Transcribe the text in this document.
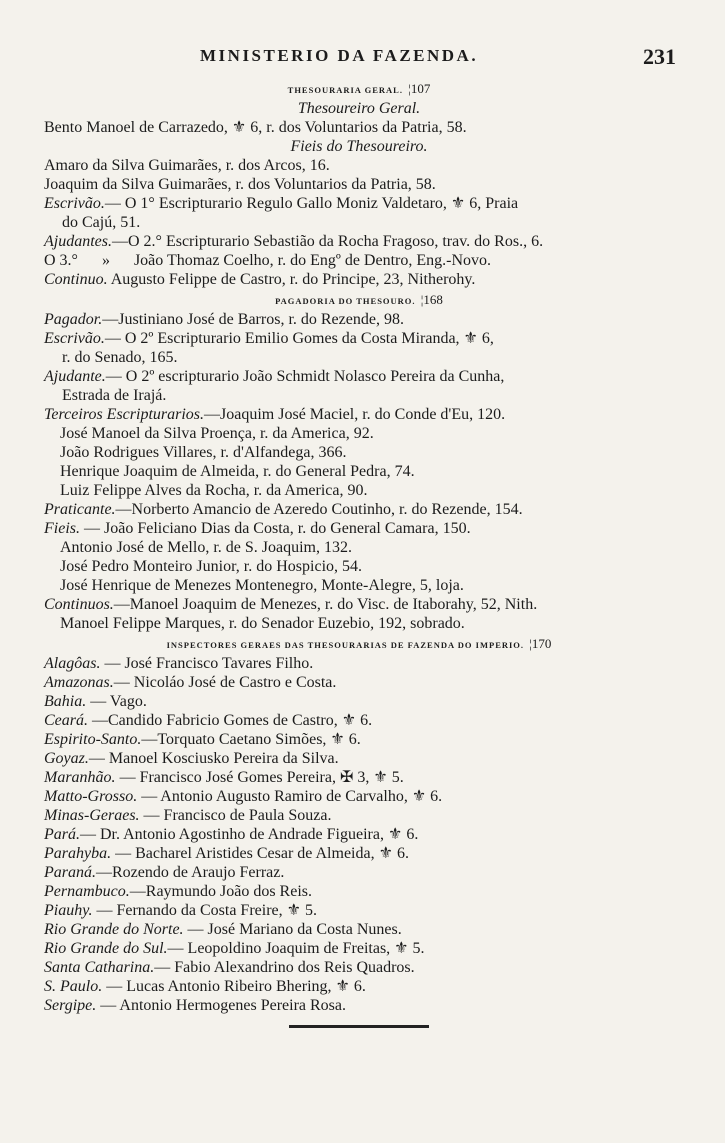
MINISTERIO DA FAZENDA.	231
THESOURARIA GERAL. ¦107
Thesoureiro Geral.
Bento Manoel de Carrazedo, ⚜ 6, r. dos Voluntarios da Patria, 58.
Fieis do Thesoureiro.
Amaro da Silva Guimarães, r. dos Arcos, 16.
Joaquim da Silva Guimarães, r. dos Voluntarios da Patria, 58.
Escrivão.— O 1° Escripturario Regulo Gallo Moniz Valdetaro, ⚜ 6, Praia
do Cajú, 51.
Ajudantes.—O 2.° Escripturario Sebastião da Rocha Fragoso, trav. do Ros., 6.
O 3.° » João Thomaz Coelho, r. do Engº de Dentro, Eng.-Novo.
Continuo. Augusto Felippe de Castro, r. do Principe, 23, Nitherohy.
PAGADORIA DO THESOURO. ¦168
Pagador.—Justiniano José de Barros, r. do Rezende, 98.
Escrivão.— O 2º Escripturario Emilio Gomes da Costa Miranda, ⚜ 6,
r. do Senado, 165.
Ajudante.— O 2º escripturario João Schmidt Nolasco Pereira da Cunha,
Estrada de Irajá.
Terceiros Escripturarios.—Joaquim José Maciel, r. do Conde d'Eu, 120.
José Manoel da Silva Proença, r. da America, 92.
João Rodrigues Villares, r. d'Alfandega, 366.
Henrique Joaquim de Almeida, r. do General Pedra, 74.
Luiz Felippe Alves da Rocha, r. da America, 90.
Praticante.—Norberto Amancio de Azeredo Coutinho, r. do Rezende, 154.
Fieis. — João Feliciano Dias da Costa, r. do General Camara, 150.
Antonio José de Mello, r. de S. Joaquim, 132.
José Pedro Monteiro Junior, r. do Hospicio, 54.
José Henrique de Menezes Montenegro, Monte-Alegre, 5, loja.
Continuos.—Manoel Joaquim de Menezes, r. do Visc. de Itaborahy, 52, Nith.
Manoel Felippe Marques, r. do Senador Euzebio, 192, sobrado.
INSPECTORES GERAES DAS THESOURARIAS DE FAZENDA DO IMPERIO. ¦170
Alagôas. — José Francisco Tavares Filho.
Amazonas.— Nicoláo José de Castro e Costa.
Bahia. — Vago.
Ceará. —Candido Fabricio Gomes de Castro, ⚜ 6.
Espirito-Santo.—Torquato Caetano Simões, ⚜ 6.
Goyaz.— Manoel Kosciusko Pereira da Silva.
Maranhão. — Francisco José Gomes Pereira, ✠ 3, ⚜ 5.
Matto-Grosso. — Antonio Augusto Ramiro de Carvalho, ⚜ 6.
Minas-Geraes. — Francisco de Paula Souza.
Pará.— Dr. Antonio Agostinho de Andrade Figueira, ⚜ 6.
Parahyba. — Bacharel Aristides Cesar de Almeida, ⚜ 6.
Paraná.—Rozendo de Araujo Ferraz.
Pernambuco.—Raymundo João dos Reis.
Piauhy. — Fernando da Costa Freire, ⚜ 5.
Rio Grande do Norte. — José Mariano da Costa Nunes.
Rio Grande do Sul.— Leopoldino Joaquim de Freitas, ⚜ 5.
Santa Catharina.— Fabio Alexandrino dos Reis Quadros.
S. Paulo. — Lucas Antonio Ribeiro Bhering, ⚜ 6.
Sergipe. — Antonio Hermogenes Pereira Rosa.
